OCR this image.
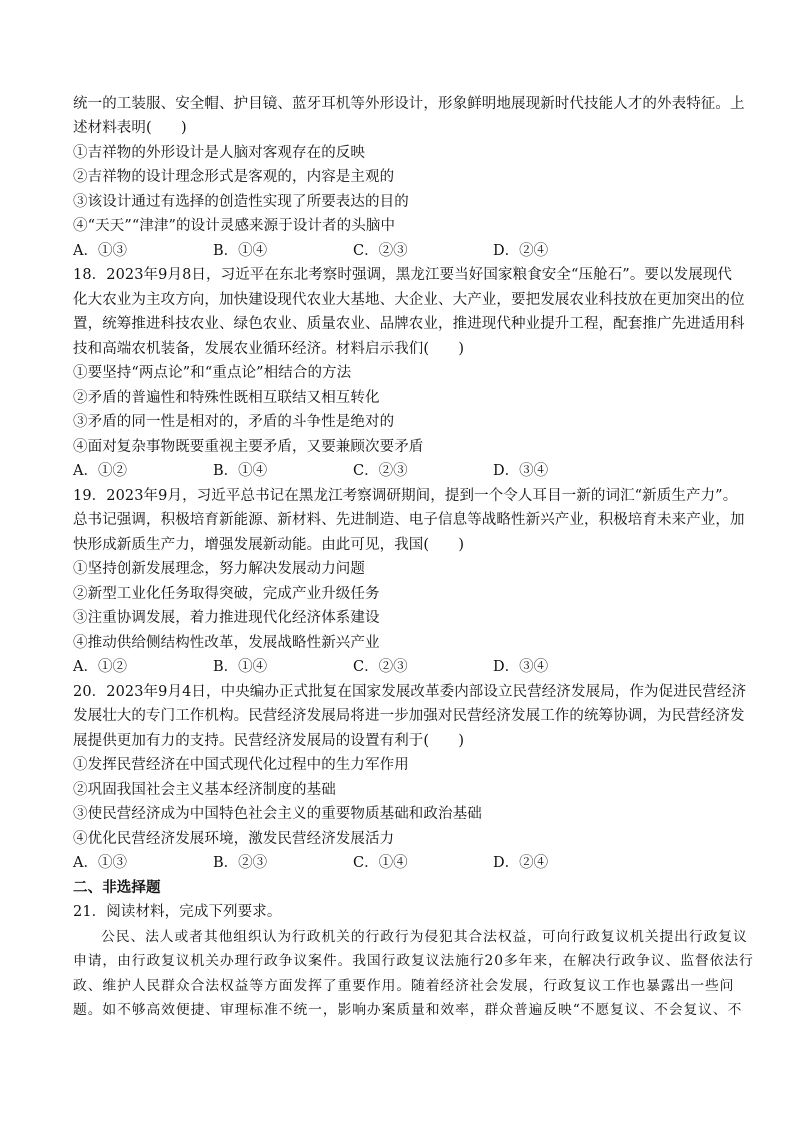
统一的工装服、安全帽、护目镜、蓝牙耳机等外形设计，形象鲜明地展现新时代技能人才的外表特征。上
述材料表明(　　)
①吉祥物的外形设计是人脑对客观存在的反映
②吉祥物的设计理念形式是客观的，内容是主观的
③该设计通过有选择的创造性实现了所要表达的目的
④“天天”“津津”的设计灵感来源于设计者的头脑中
A．①③	B．①④	C．②③	D．②④
18．2023年9月8日，习近平在东北考察时强调，黑龙江要当好国家粮食安全“压舱石”。要以发展现代
化大农业为主攻方向，加快建设现代农业大基地、大企业、大产业，要把发展农业科技放在更加突出的位
置，统筹推进科技农业、绿色农业、质量农业、品牌农业，推进现代种业提升工程，配套推广先进适用科
技和高端农机装备，发展农业循环经济。材料启示我们(　　)
①要坚持“两点论”和“重点论”相结合的方法
②矛盾的普遍性和特殊性既相互联结又相互转化
③矛盾的同一性是相对的，矛盾的斗争性是绝对的
④面对复杂事物既要重视主要矛盾，又要兼顾次要矛盾
A．①②	B．①④	C．②③	D．③④
19．2023年9月，习近平总书记在黑龙江考察调研期间，提到一个令人耳目一新的词汇“新质生产力”。
总书记强调，积极培育新能源、新材料、先进制造、电子信息等战略性新兴产业，积极培育未来产业，加
快形成新质生产力，增强发展新动能。由此可见，我国(　　)
①坚持创新发展理念，努力解决发展动力问题
②新型工业化任务取得突破，完成产业升级任务
③注重协调发展，着力推进现代化经济体系建设
④推动供给侧结构性改革，发展战略性新兴产业
A．①②	B．①④	C．②③	D．③④
20．2023年9月4日，中央编办正式批复在国家发展改革委内部设立民营经济发展局，作为促进民营经济
发展壮大的专门工作机构。民营经济发展局将进一步加强对民营经济发展工作的统筹协调，为民营经济发
展提供更加有力的支持。民营经济发展局的设置有利于(　　)
①发挥民营经济在中国式现代化过程中的生力军作用
②巩固我国社会主义基本经济制度的基础
③使民营经济成为中国特色社会主义的重要物质基础和政治基础
④优化民营经济发展环境，激发民营经济发展活力
A．①③	B．②③	C．①④	D．②④
二、非选择题
21．阅读材料，完成下列要求。
公民、法人或者其他组织认为行政机关的行政行为侵犯其合法权益，可向行政复议机关提出行政复议
申请，由行政复议机关办理行政争议案件。我国行政复议法施行20多年来，在解决行政争议、监督依法行
政、维护人民群众合法权益等方面发挥了重要作用。随着经济社会发展，行政复议工作也暴露出一些问
题。如不够高效便捷、审理标准不统一，影响办案质量和效率，群众普遍反映“不愿复议、不会复议、不
